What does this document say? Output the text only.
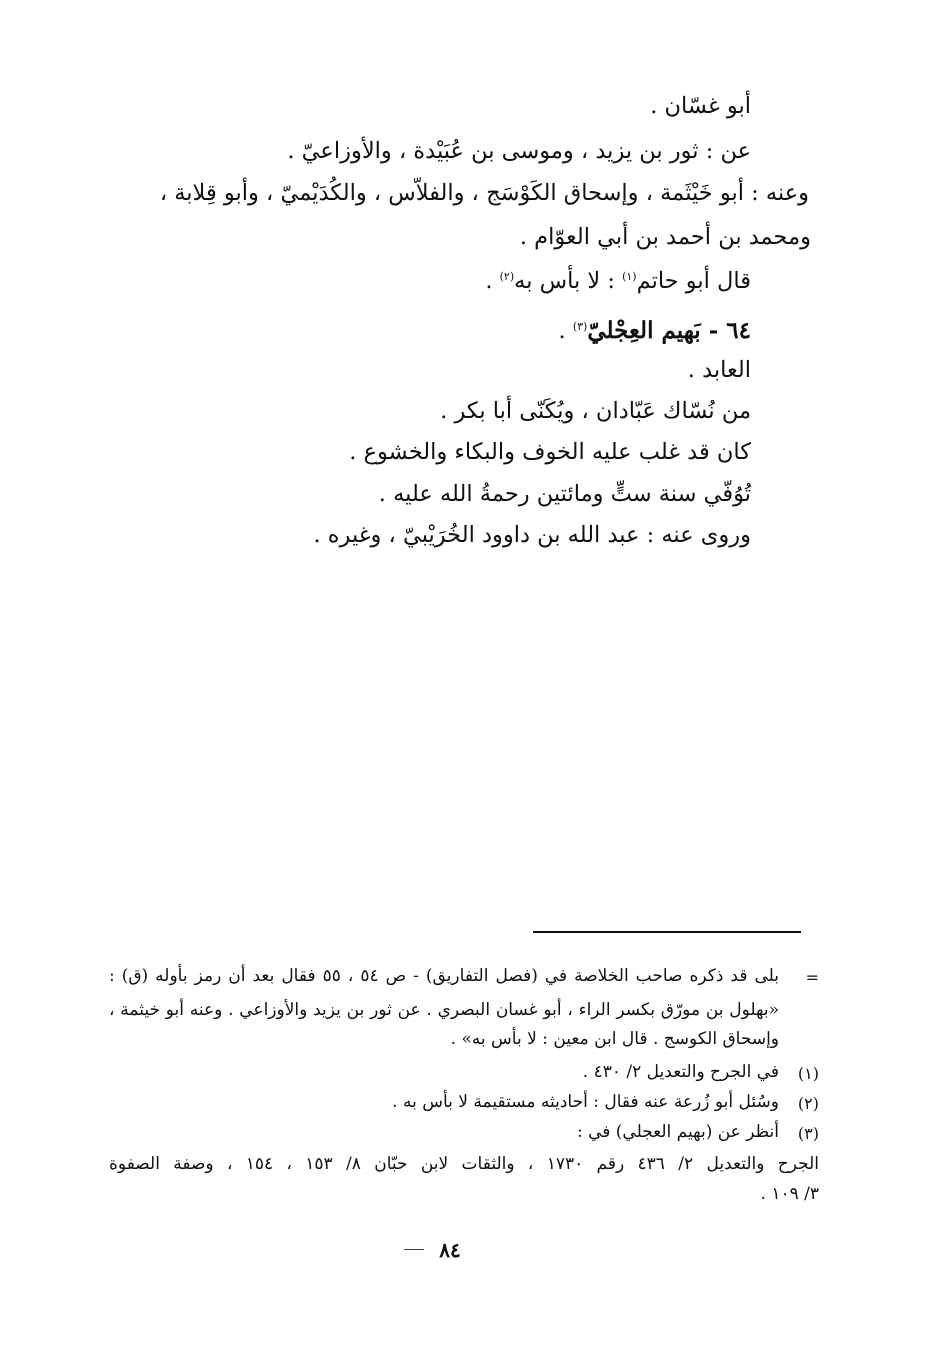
أبو غسّان .
عن : ثور بن يزيد ، وموسى بن عُبَيْدة ، والأوزاعيّ .
وعنه : أبو خَيْثَمة ، وإسحاق الكَوْسَج ، والفلاّس ، والكُدَيْميّ ، وأبو قِلابة ،
ومحمد بن أحمد بن أبي العوّام .
قال أبو حاتم$^{(١)}$ : لا بأس به$^{(٢)}$ .
٦٤ - بَهيم العِجْليّ$^{(٣)}$ .
العابد .
من نُسّاك عَبّادان ، ويُكَنّى أبا بكر .
كان قد غلب عليه الخوف والبكاء والخشوع .
تُوُفّي سنة ستٍّ ومائتين رحمةُ الله عليه .
وروى عنه : عبد الله بن داوود الخُرَيْبيّ ، وغيره .
=
بلى قد ذكره صاحب الخلاصة في (فصل التفاريق) - ص ٥٤ ، ٥٥ فقال بعد أن رمز بأوله (ق) :
«بهلول بن مورّق بكسر الراء ، أبو غسان البصري . عن ثور بن يزيد والأوزاعي . وعنه أبو خيثمة ،
وإسحاق الكوسج . قال ابن معين : لا بأس به» .
(١)
في الجرح والتعديل ٢/ ٤٣٠ .
(٢)
وسُئل أبو زُرعة عنه فقال : أحاديثه مستقيمة لا بأس به .
(٣)
أنظر عن (بهيم العجلي) في :
الجرح والتعديل ٢/ ٤٣٦ رقم ١٧٣٠ ، والثقات لابن حبّان ٨/ ١٥٣ ، ١٥٤ ، وصفة الصفوة
٣/ ١٠٩ .
٨٤
